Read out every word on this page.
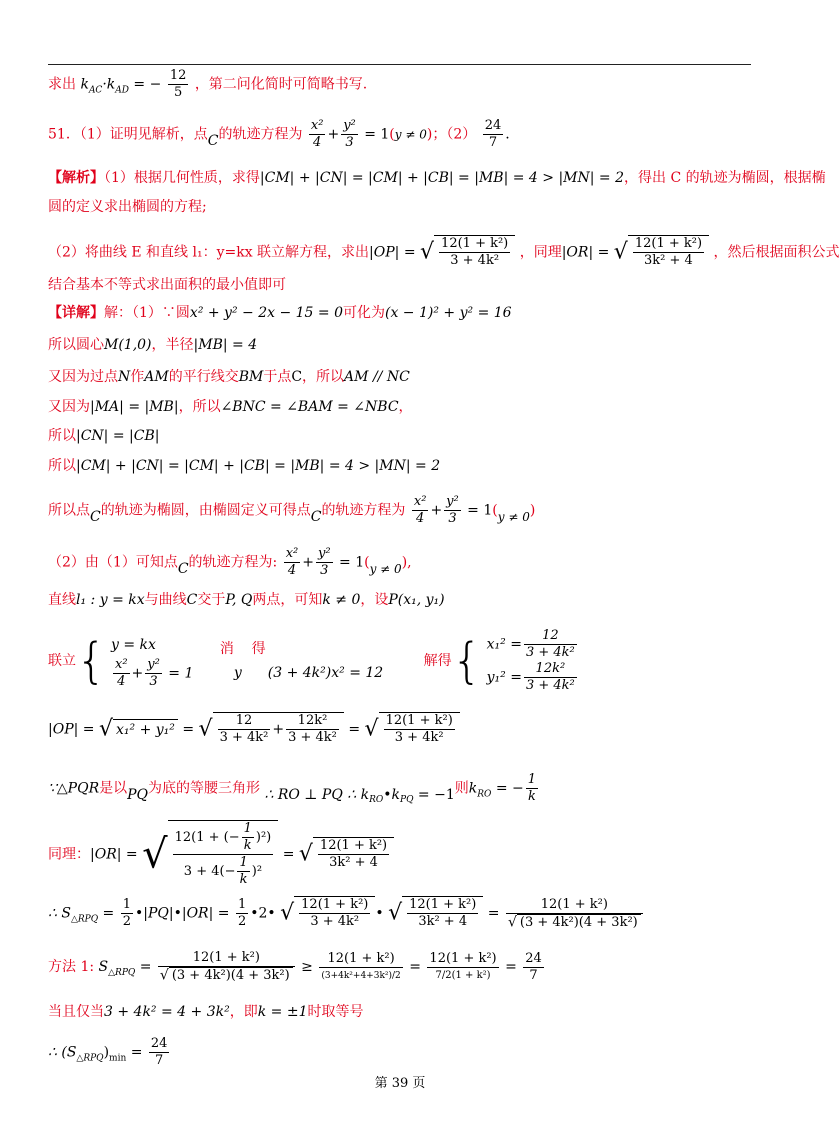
求出 $k_{AC}\cdot k_{AD}$ = − $\frac{12}{5}$ ，第二问化简时可简略书写.
51．（1）证明见解析，点C的轨迹方程为 $\frac{\text{x²}}{4} + \frac{\text{y²}}{3} = 1(y \ne 0)$；$(2) \frac{24}{7}$ .
【解析】（1）根据几何性质，求得|CM| + |CN| = |CM| + |CB| = |MB| = 4 > |MN| = 2，得出 C 的轨迹为椭圆，根据椭
圆的定义求出椭圆的方程;
（2）将曲线 E 和直线 l₁：y=kx 联立解方程，求出|OP| = √ $\frac{\text{12(1 + k²)}}{\text{3 + 4k²}}$ ，同理|OR| = √ $\frac{\text{12(1 + k²)}}{\text{3k² + 4}}$ ，然后根据面积公式
结合基本不等式求出面积的最小值即可
【详解】解：（1）∵圆x² + y² − 2x − 15 = 0可化为(x − 1)² + y² = 16
所以圆心M(1,0)，半径|MB| = 4
又因为过点N作AM的平行线交BM于点C，所以AM // NC
又因为|MA| = |MB|，所以∠BNC = ∠BAM = ∠NBC，
所以|CN| = |CB|
所以|CM| + |CN| = |CM| + |CB| = |MB| = 4 > |MN| = 2
所以点C的轨迹为椭圆，由椭圆定义可得点C的轨迹方程为 $\frac{\text{x²}}{4} + \frac{\text{y²}}{3} = 1(y \ne 0)$
（2）由（1）可知点C的轨迹方程为: $\frac{\text{x²}}{4} + \frac{\text{y²}}{3} = 1(y \ne 0)$,
直线l₁ : y = kx与曲线C交于P, Q两点，可知k ≠ 0，设P(x₁, y₁)
联立{ y = kx
$\frac{\text{x²}}{4} + \frac{\text{y²}}{3} = 1$

消 得
y (3 + 4k²)x² = 12
解得{ $x_1^2 = \frac{12}{\text{3 + 4k²}}$
$y_1^2 = \frac{\text{12k²}}{\text{3 + 4k²}}$
|OP| = √ x₁² + y₁² = √ $\frac{12}{\text{3 + 4k²}} + \frac{\text{12k²}}{\text{3 + 4k²}}$ = √ $\frac{\text{12(1 + k²)}}{\text{3 + 4k²}}$
∵△PQR是以PQ为底的等腰三角形 ∴ RO ⊥ PQ ∴ $k_{RO}•k_{PQ} = -1$则$k_{RO}$ = − $\frac{1}{k}$
同理：|OR| = √ $\frac{12(1 + (- \frac{1}{k} )^2)}{3 + 4(- \frac{1}{k} )^2}$ = √ $\frac{\text{12(1 + k²)}}{\text{3k² + 4}}$
∴ $S_{\triangle RPQ} = \frac{1}{2}$ •|PQ|•|OR| = $\frac{1}{2}$ •2• √ $\frac{\text{12(1 + k²)}}{\text{3 + 4k²}}$ • √ $\frac{\text{12(1 + k²)}}{\text{3k² + 4}} = \frac{\text{12(1 + k²)}}{\text{√ (3 + 4k²)(4 + 3k²)}}$
方法 1: $S_{\triangle RPQ} = \frac{\text{12(1 + k²)}}{\text{√ (3 + 4k²)(4 + 3k²)}} \ge \frac{\text{12(1 + k²)}}{\text{(3+4k²+4+3k²)/2}} = \frac{\text{12(1 + k²)}}{\text{7/2(1 + k²)}} = \frac{24}{7}$
当且仅当3 + 4k² = 4 + 3k²，即k = ±1时取等号
∴ $(S_{\triangle RPQ})_{min} = \frac{24}{7}$
第 39 页
